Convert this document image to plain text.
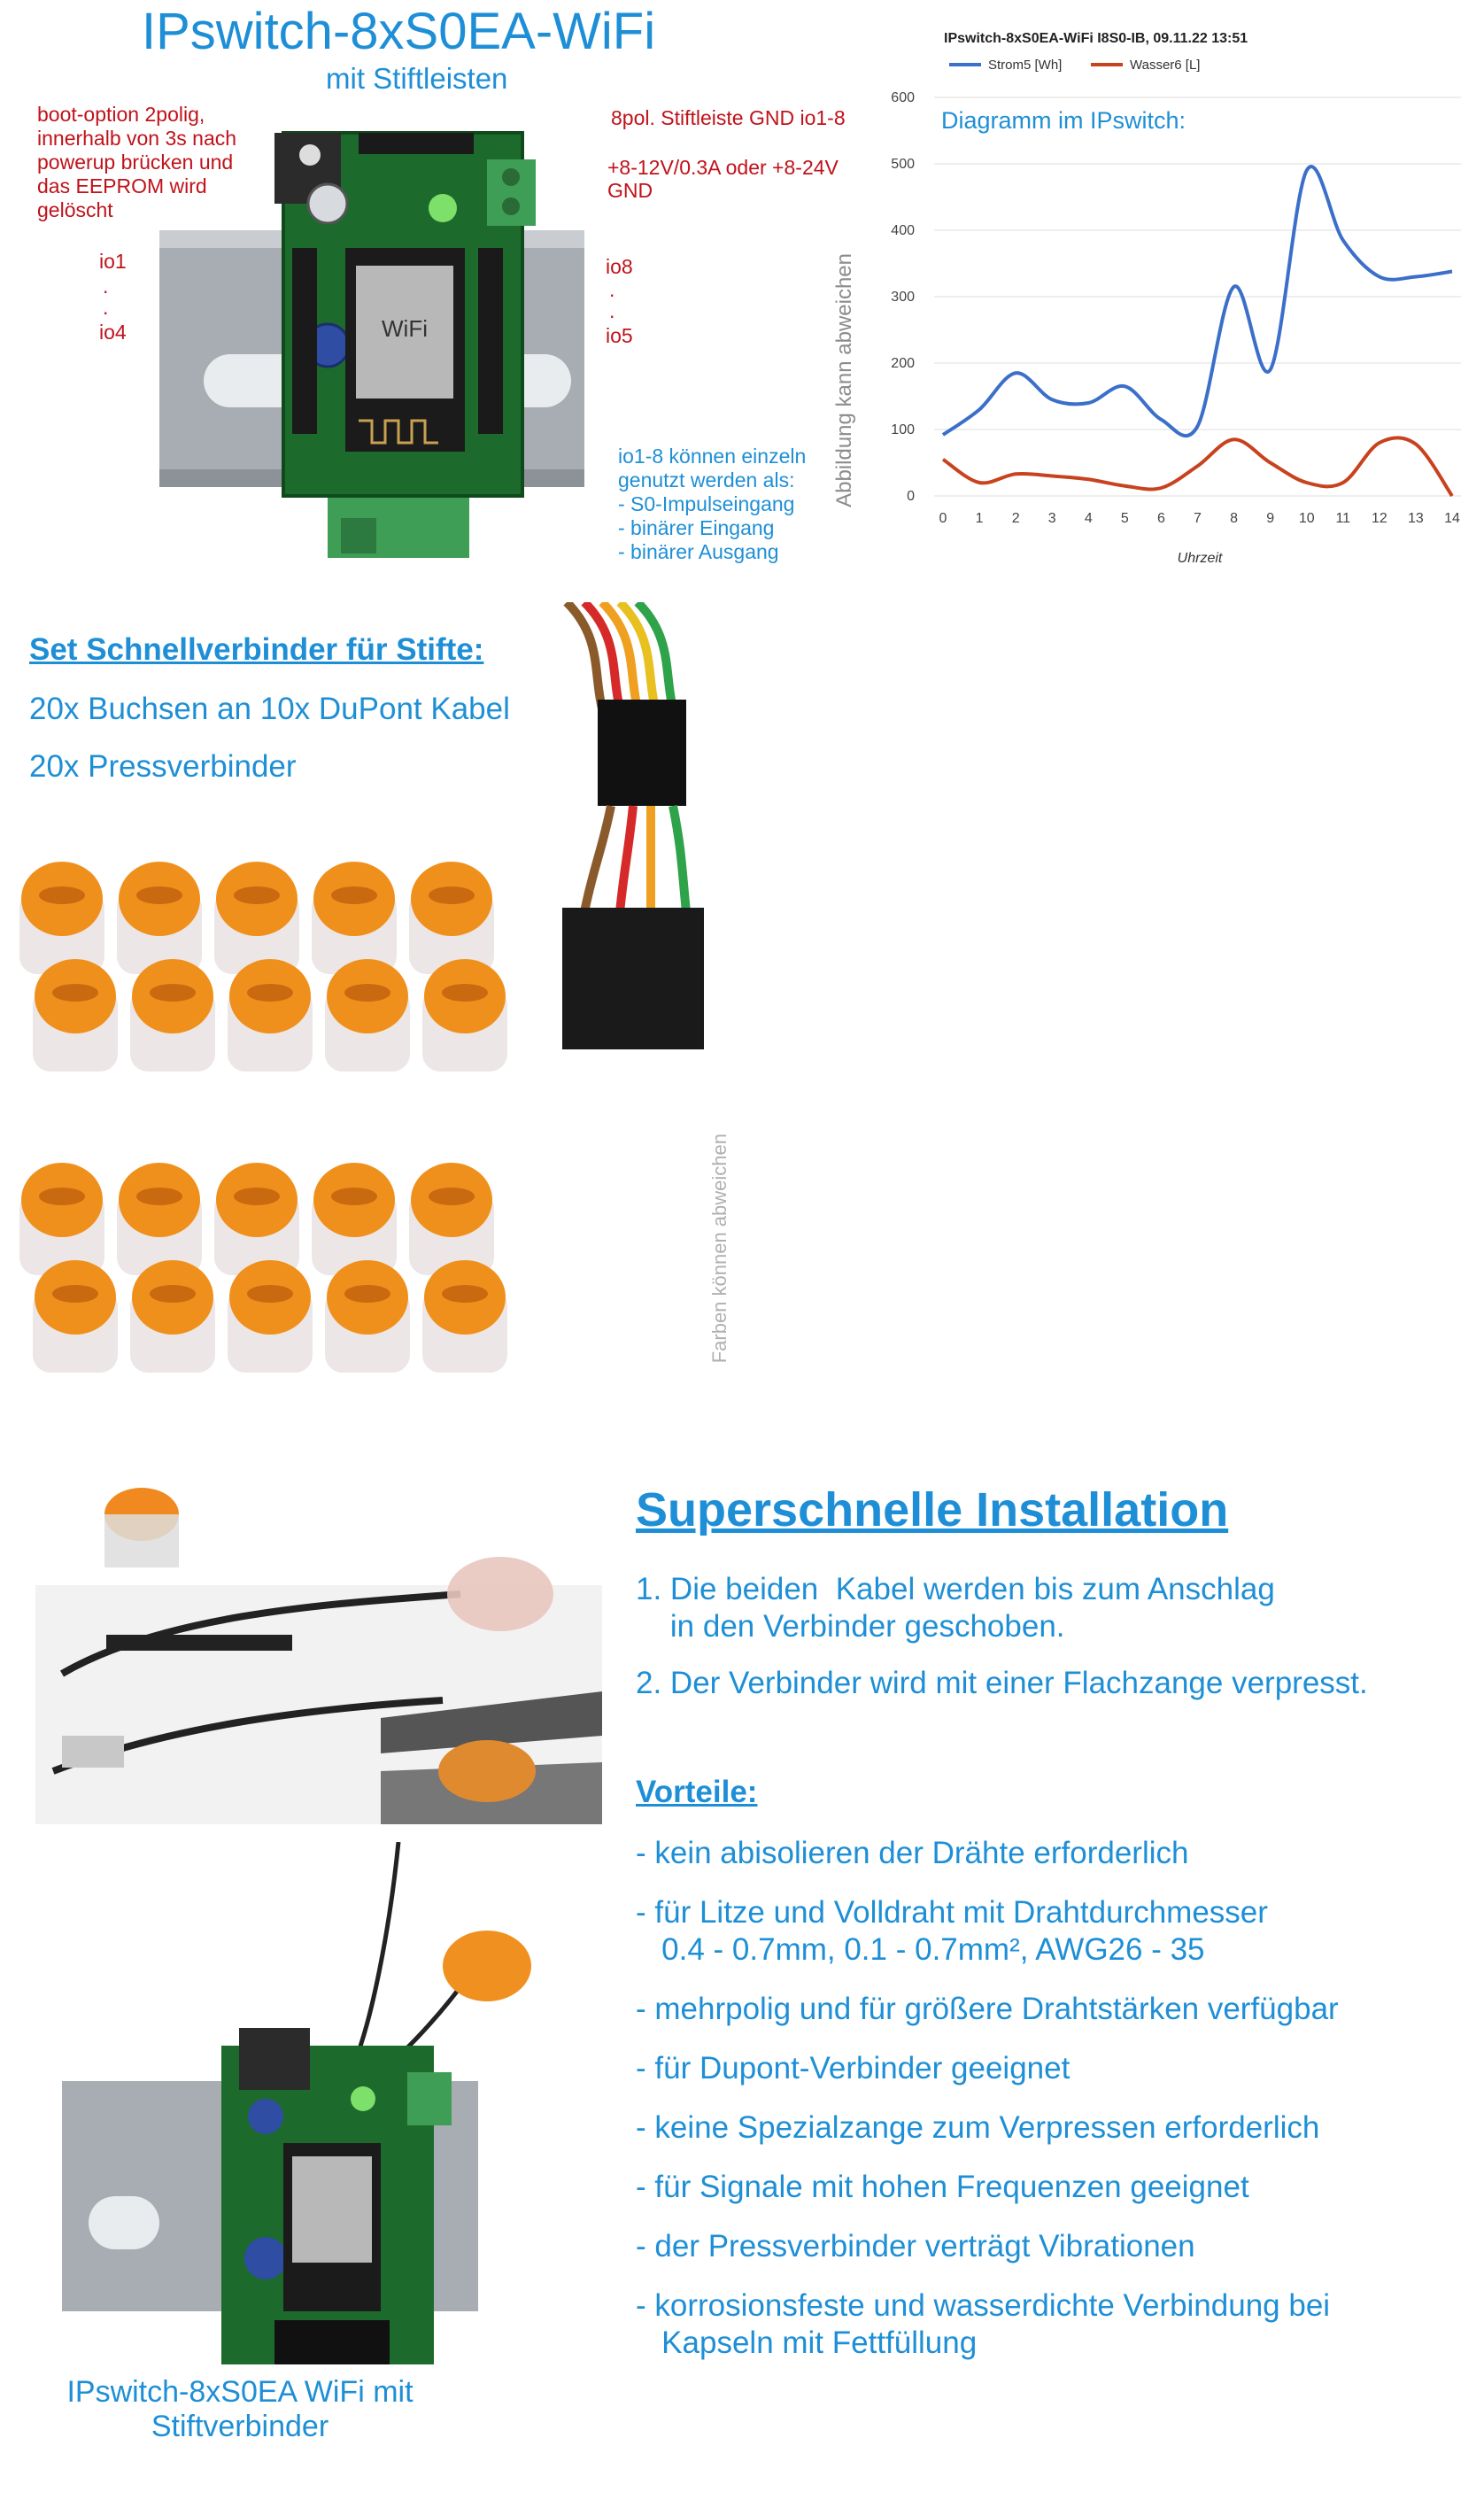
IPswitch-8xS0EA-WiFi
mit Stiftleisten
boot-option 2polig,
innerhalb von 3s nach
powerup brücken und
das EEPROM wird
gelöscht
8pol. Stiftleiste GND io1-8
+8-12V/0.3A oder +8-24V
GND
io1
.
.
io4
io8
.
.
io5
io1-8 können einzeln
genutzt werden als:
- S0-Impulseingang
- binärer Eingang
- binärer Ausgang
Abbildung kann abweichen
WiFi
IPswitch-8xS0EA-WiFi I8S0-IB, 09.11.22 13:51
Strom5 [Wh]	Wasser6 [L]
0
100
200
300
400
500
600
0 1 2 3 4 5 6 7 8 9 10 11 12 13 14
Diagramm im IPswitch:
Uhrzeit
Set Schnellverbinder für Stifte:
20x Buchsen an 10x DuPont Kabel
20x Pressverbinder
Farben können abweichen
Superschnelle Installation
1. Die beiden  Kabel werden bis zum Anschlag
in den Verbinder geschoben.
2. Der Verbinder wird mit einer Flachzange verpresst.
Vorteile:
- kein abisolieren der Drähte erforderlich
- für Litze und Volldraht mit Drahtdurchmesser
0.4 - 0.7mm, 0.1 - 0.7mm², AWG26 - 35
- mehrpolig und für größere Drahtstärken verfügbar
- für Dupont-Verbinder geeignet
- keine Spezialzange zum Verpressen erforderlich
- für Signale mit hohen Frequenzen geeignet
- der Pressverbinder verträgt Vibrationen
- korrosionsfeste und wasserdichte Verbindung bei
Kapseln mit Fettfüllung
IPswitch-8xS0EA WiFi mit
Stiftverbinder
